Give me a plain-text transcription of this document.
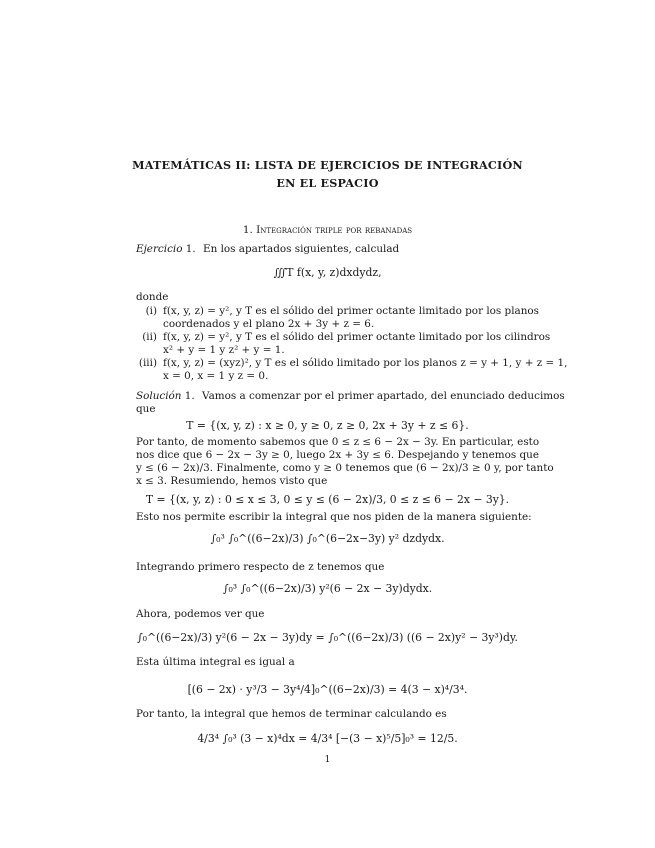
MATEMÁTICAS II: LISTA DE EJERCICIOS DE INTEGRACIÓN
EN EL ESPACIO
1. Integración triple por rebanadas
Ejercicio 1. En los apartados siguientes, calculad
∭T f(x, y, z)dxdydz,
donde
(i) f(x, y, z) = y², y T es el sólido del primer octante limitado por los planos
coordenados y el plano 2x + 3y + z = 6.
(ii) f(x, y, z) = y², y T es el sólido del primer octante limitado por los cilindros
x² + y = 1 y z² + y = 1.
(iii) f(x, y, z) = (xyz)², y T es el sólido limitado por los planos z = y + 1, y + z = 1,
x = 0, x = 1 y z = 0.
Solución 1. Vamos a comenzar por el primer apartado, del enunciado deducimos
que
T = {(x, y, z) : x ≥ 0, y ≥ 0, z ≥ 0, 2x + 3y + z ≤ 6}.
Por tanto, de momento sabemos que 0 ≤ z ≤ 6 − 2x − 3y. En particular, esto
nos dice que 6 − 2x − 3y ≥ 0, luego 2x + 3y ≤ 6. Despejando y tenemos que
y ≤ (6 − 2x)/3. Finalmente, como y ≥ 0 tenemos que (6 − 2x)/3 ≥ 0 y, por tanto
x ≤ 3. Resumiendo, hemos visto que
T = {(x, y, z) : 0 ≤ x ≤ 3, 0 ≤ y ≤ (6 − 2x)/3, 0 ≤ z ≤ 6 − 2x − 3y}.
Esto nos permite escribir la integral que nos piden de la manera siguiente:
∫₀³ ∫₀^((6−2x)/3) ∫₀^(6−2x−3y) y² dzdydx.
Integrando primero respecto de z tenemos que
∫₀³ ∫₀^((6−2x)/3) y²(6 − 2x − 3y)dydx.
Ahora, podemos ver que
∫₀^((6−2x)/3) y²(6 − 2x − 3y)dy = ∫₀^((6−2x)/3) ((6 − 2x)y² − 3y³)dy.
Esta última integral es igual a
[(6 − 2x) · y³/3 − 3y⁴/4]₀^((6−2x)/3) = 4(3 − x)⁴/3⁴.
Por tanto, la integral que hemos de terminar calculando es
4/3⁴ ∫₀³ (3 − x)⁴dx = 4/3⁴ [−(3 − x)⁵/5]₀³ = 12/5.
1
